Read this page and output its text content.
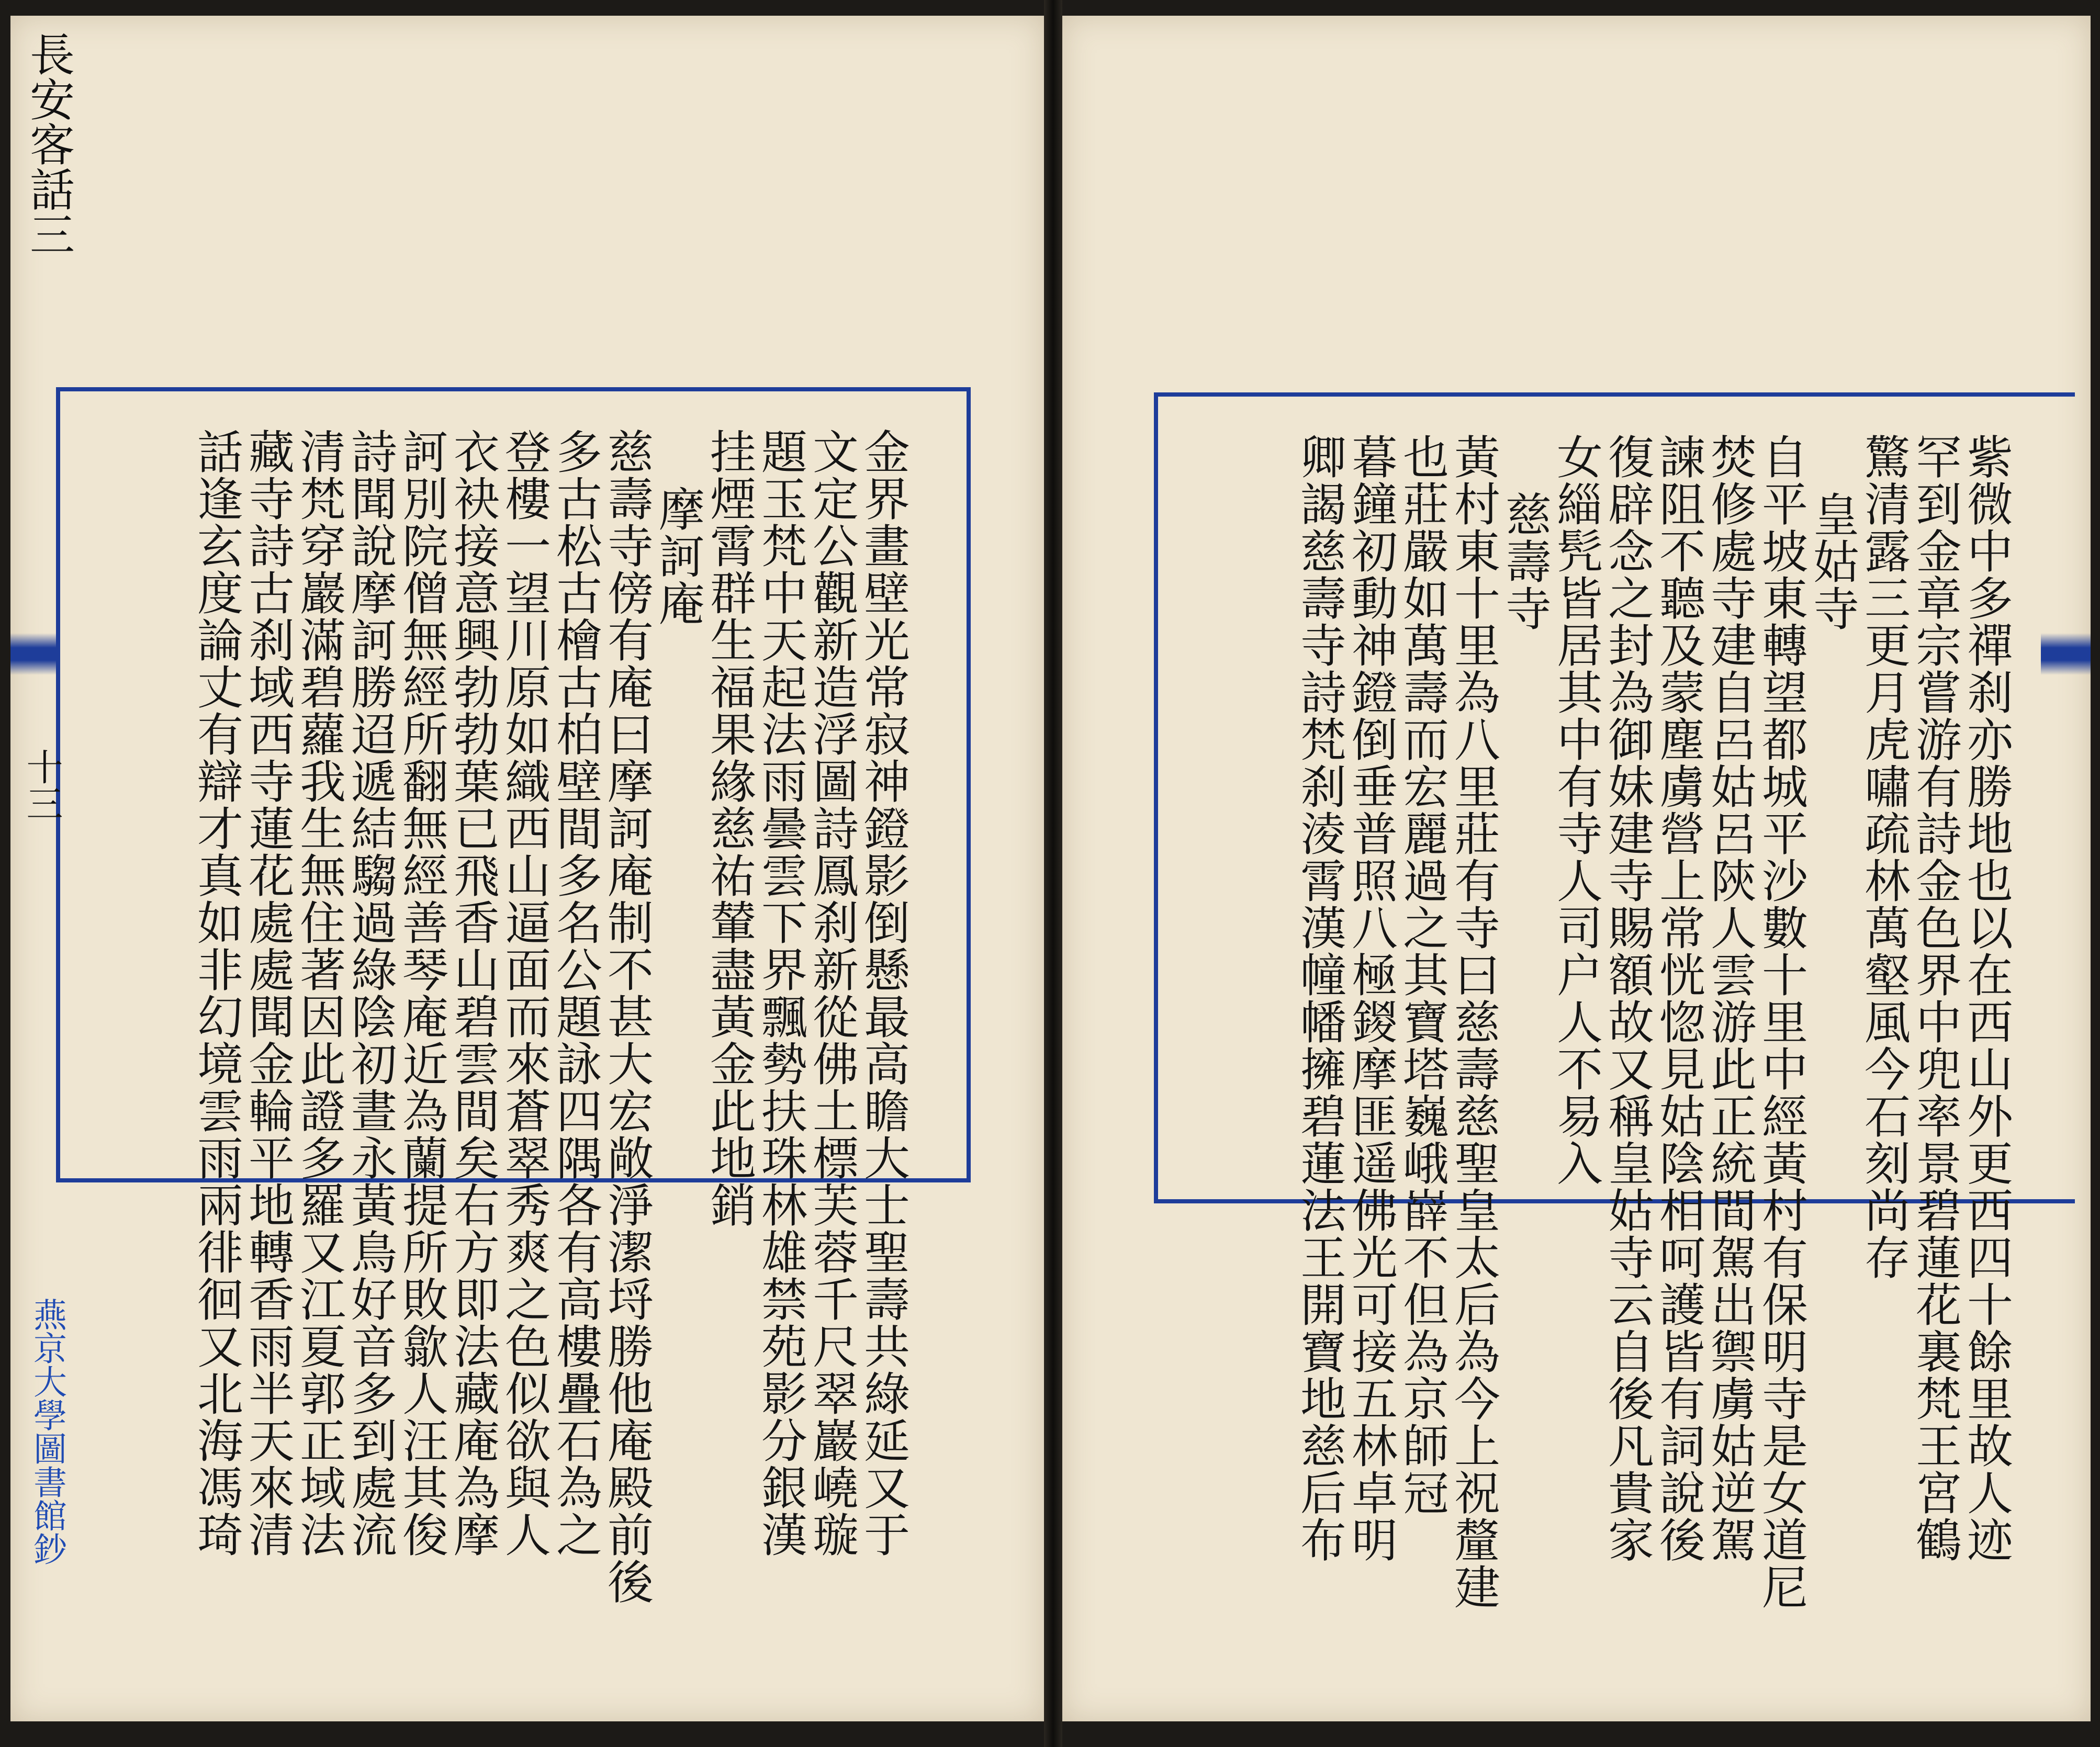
長安客話三
十三
燕京大學圖書館鈔	金界畫壁光常寂神鐙影倒懸最高瞻大士聖壽共綠延又于
文定公觀新造浮圖詩鳳刹新從佛土標芙蓉千尺翠巖嶢璇
題玉梵中天起法雨曇雲下界飄勢扶珠林雄禁苑影分銀漢
挂煙霄群生福果緣慈祐輦盡黃金此地銷
摩訶庵
慈壽寺傍有庵曰摩訶庵制不甚大宏敞淨潔埒勝他庵殿前後
多古松古檜古柏壁間多名公題詠四隅各有高樓疊石為之
登樓一望川原如織西山逼面而來蒼翠秀爽之色似欲與人
衣袂接意興勃勃葉已飛香山碧雲間矣右方即法藏庵為摩
訶別院僧無經所翻無經善琴庵近為蘭提所敗歙人汪其俊
詩聞說摩訶勝迢遞結騶過綠陰初晝永黃鳥好音多到處流
清梵穿巖滿碧蘿我生無住著因此證多羅又江夏郭正域法
藏寺詩古刹域西寺蓮花處處聞金輪平地轉香雨半天來清
話逢玄度論丈有辯才真如非幻境雲雨兩徘徊又北海馮琦	紫微中多禪刹亦勝地也以在西山外更西四十餘里故人迹
罕到金章宗嘗游有詩金色界中兜率景碧蓮花裏梵王宮鶴
驚清露三更月虎嘯疏林萬壑風今石刻尚存
皇姑寺
自平坡東轉望都城平沙數十里中經黃村有保明寺是女道尼
焚修處寺建自呂姑呂陝人雲游此正統間駕出禦虜姑逆駕
諫阻不聽及蒙塵虜營上常恍惚見姑陰相呵護皆有詞說後
復辟念之封為御妹建寺賜額故又稱皇姑寺云自後凡貴家
女緇髠皆居其中有寺人司户人不易入
慈壽寺
黃村東十里為八里莊有寺曰慈壽慈聖皇太后為今上祝釐建
也莊嚴如萬壽而宏麗過之其寶塔巍峨嶭不但為京師冠
暮鐘初動神鐙倒垂普照八極鍐摩匪遥佛光可接五林卓明
卿謁慈壽寺詩梵刹淩霄漢幢幡擁碧蓮法王開寶地慈后布
